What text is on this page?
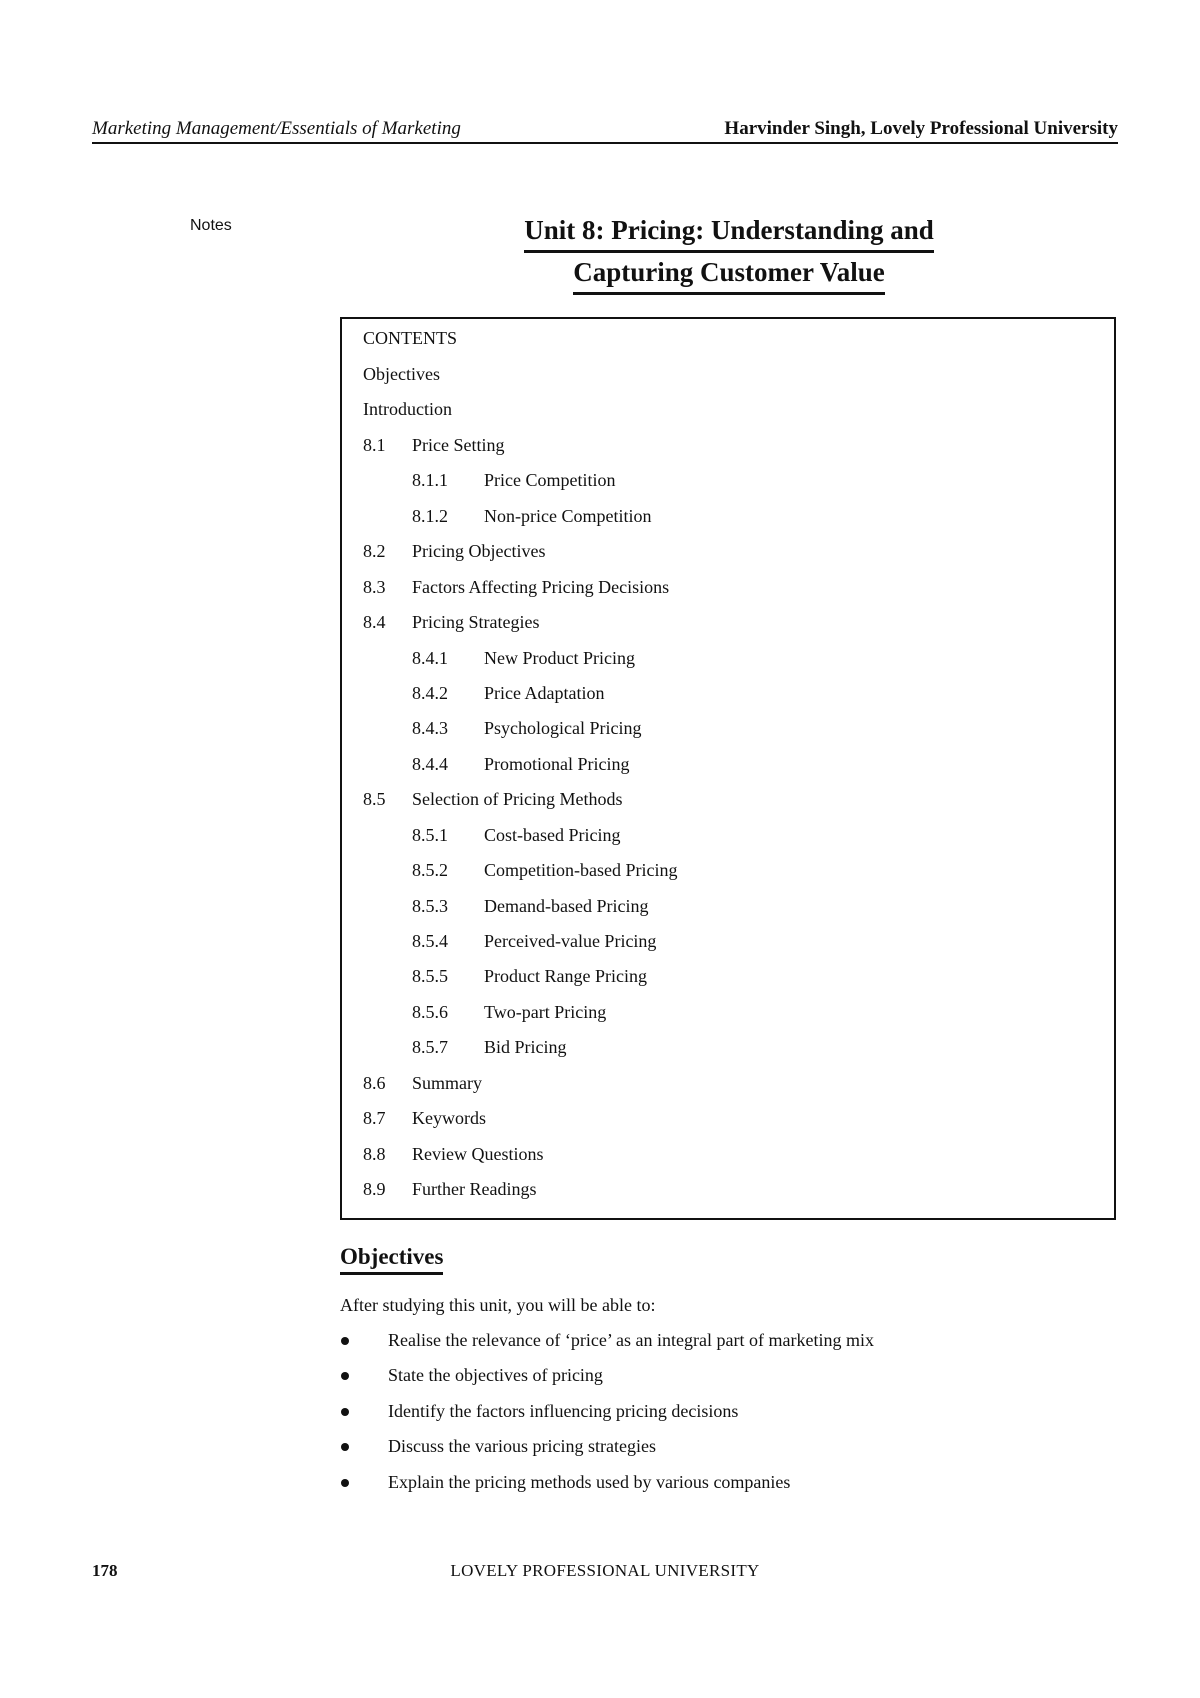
Marketing Management/Essentials of Marketing	Harvinder Singh, Lovely Professional University
Notes	Unit 8: Pricing: Understanding and
Capturing Customer Value
CONTENTS
Objectives
Introduction
8.1 Price Setting
8.1.1 Price Competition
8.1.2 Non-price Competition
8.2 Pricing Objectives
8.3 Factors Affecting Pricing Decisions
8.4 Pricing Strategies
8.4.1 New Product Pricing
8.4.2 Price Adaptation
8.4.3 Psychological Pricing
8.4.4 Promotional Pricing
8.5 Selection of Pricing Methods
8.5.1 Cost-based Pricing
8.5.2 Competition-based Pricing
8.5.3 Demand-based Pricing
8.5.4 Perceived-value Pricing
8.5.5 Product Range Pricing
8.5.6 Two-part Pricing
8.5.7 Bid Pricing
8.6 Summary
8.7 Keywords
8.8 Review Questions
8.9 Further Readings
Objectives
After studying this unit, you will be able to:
Realise the relevance of ‘price’ as an integral part of marketing mix
State the objectives of pricing
Identify the factors influencing pricing decisions
Discuss the various pricing strategies
Explain the pricing methods used by various companies
178	LOVELY PROFESSIONAL UNIVERSITY
